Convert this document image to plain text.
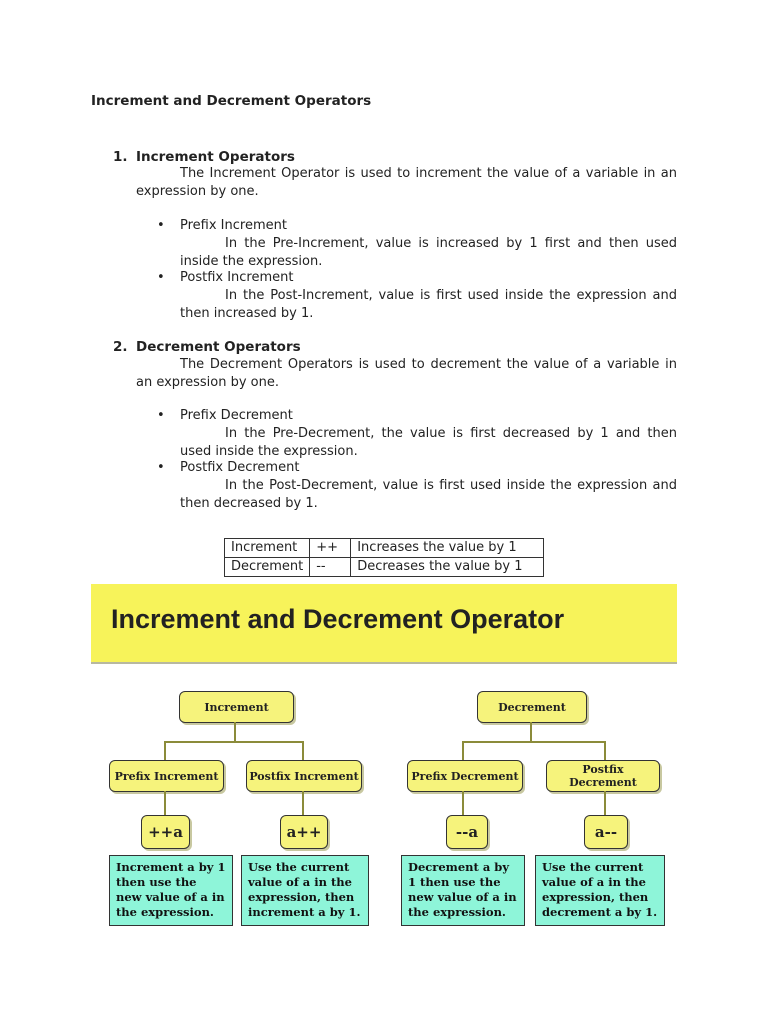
Increment and Decrement Operators
1. Increment Operators
The Increment Operator is used to increment the value of a variable in an expression by one.
• Prefix Increment
In the Pre-Increment, value is increased by 1 first and then used inside the expression.
• Postfix Increment
In the Post-Increment, value is first used inside the expression and then increased by 1.
2. Decrement Operators
The Decrement Operators is used to decrement the value of a variable in an expression by one.
• Prefix Decrement
In the Pre-Decrement, the value is first decreased by 1 and then used inside the expression.
• Postfix Decrement
In the Post-Decrement, value is first used inside the expression and then decreased by 1.
Increment	++	Increases the value by 1
Decrement	--	Decreases the value by 1
Increment and Decrement Operator
Increment
Prefix Increment	Postfix Increment
++a	a++
Increment a by 1 then use the new value of a in the expression.
Use the current value of a in the expression, then increment a by 1.
Decrement
Prefix Decrement	Postfix Decrement
--a	a--
Decrement a by 1 then use the new value of a in the expression.
Use the current value of a in the expression, then decrement a by 1.
